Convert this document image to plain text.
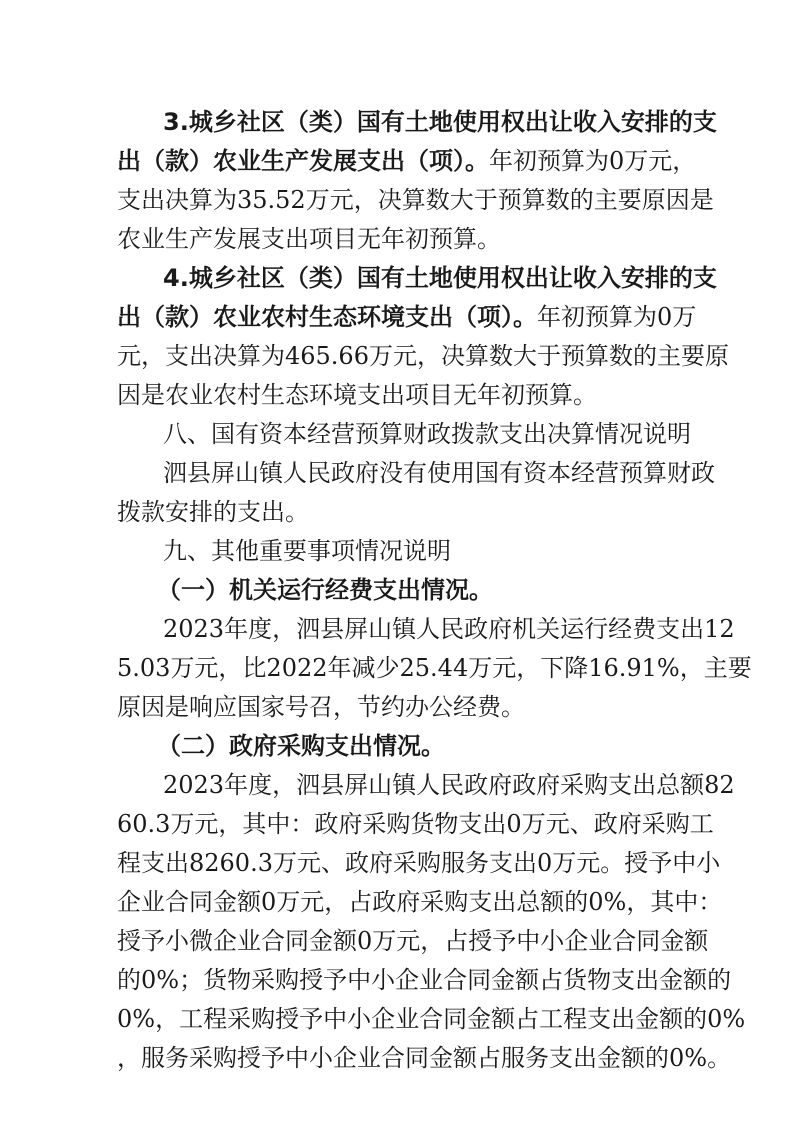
3.城乡社区（类）国有土地使用权出让收入安排的支
出（款）农业生产发展支出（项）。年初预算为0万元，
支出决算为35.52万元，决算数大于预算数的主要原因是
农业生产发展支出项目无年初预算。
4.城乡社区（类）国有土地使用权出让收入安排的支
出（款）农业农村生态环境支出（项）。年初预算为0万
元，支出决算为465.66万元，决算数大于预算数的主要原
因是农业农村生态环境支出项目无年初预算。
八、国有资本经营预算财政拨款支出决算情况说明
泗县屏山镇人民政府没有使用国有资本经营预算财政
拨款安排的支出。
九、其他重要事项情况说明
（一）机关运行经费支出情况。
2023年度，泗县屏山镇人民政府机关运行经费支出12
5.03万元，比2022年减少25.44万元，下降16.91%，主要
原因是响应国家号召，节约办公经费。
（二）政府采购支出情况。
2023年度，泗县屏山镇人民政府政府采购支出总额82
60.3万元，其中：政府采购货物支出0万元、政府采购工
程支出8260.3万元、政府采购服务支出0万元。授予中小
企业合同金额0万元，占政府采购支出总额的0%，其中：
授予小微企业合同金额0万元，占授予中小企业合同金额
的0%；货物采购授予中小企业合同金额占货物支出金额的
0%，工程采购授予中小企业合同金额占工程支出金额的0%
，服务采购授予中小企业合同金额占服务支出金额的0%。
